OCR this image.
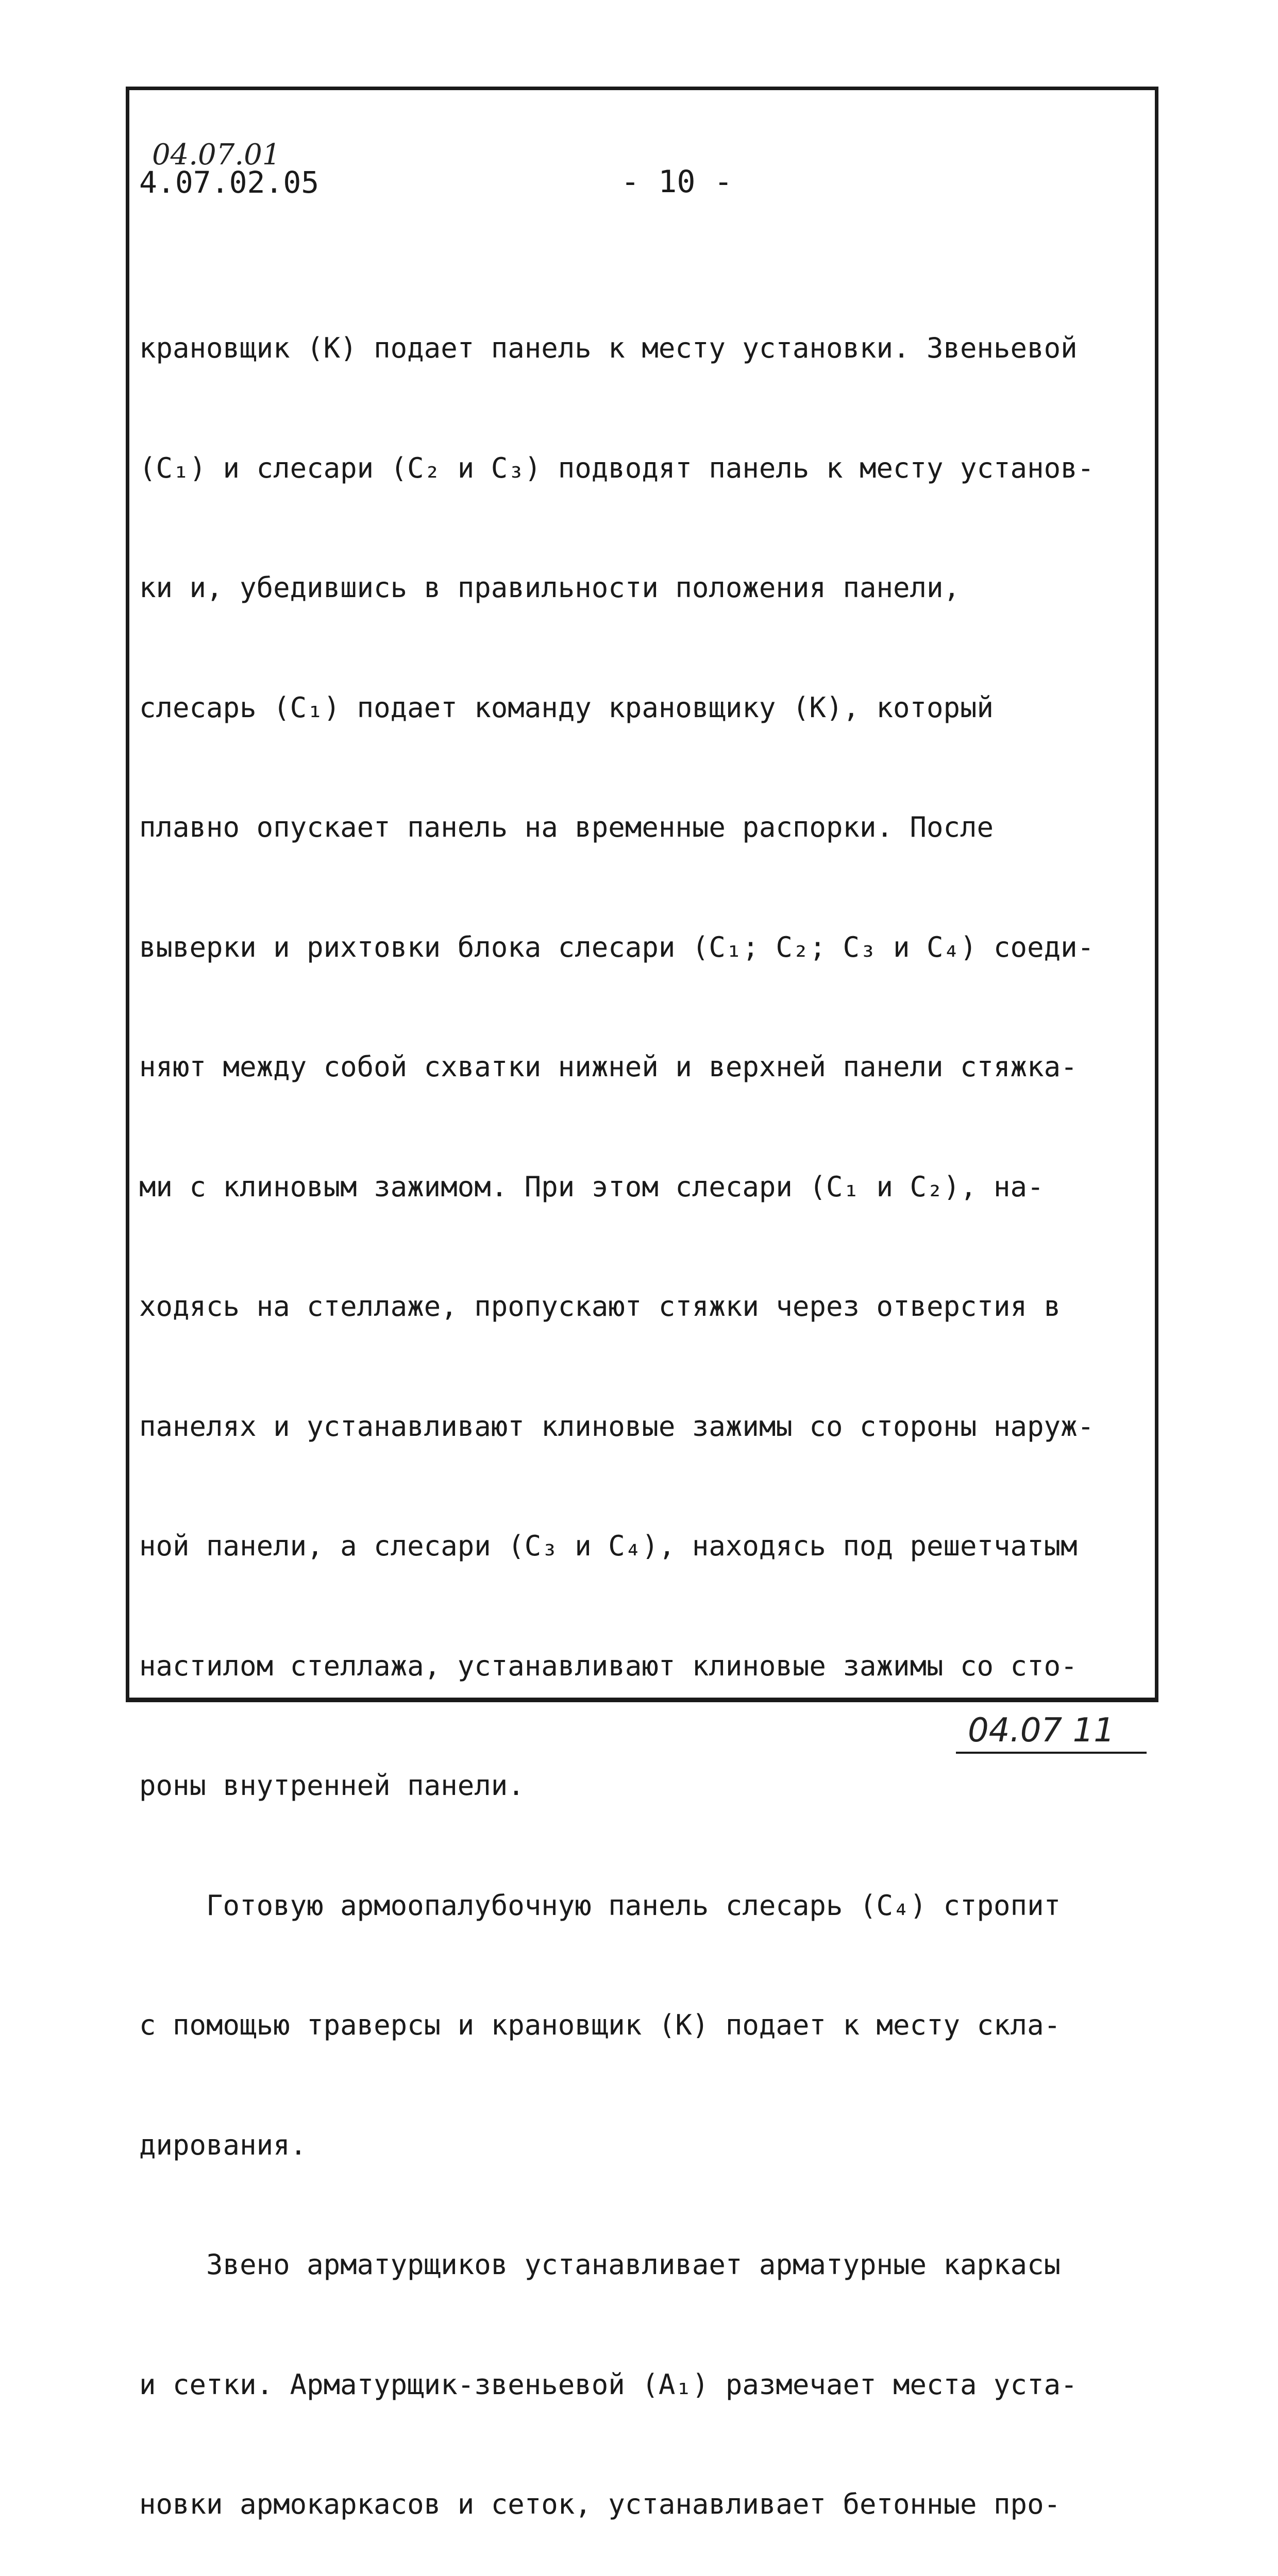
04.07.01
4.07.02.05	- 10 -

крановщик (К) подает панель к месту установки. Звеньевой

(C₁) и слесари (C₂ и C₃) подводят панель к месту установ-

ки и, убедившись в правильности положения панели,

слесарь (C₁) подает команду крановщику (К), который

плавно опускает панель на временные распорки. После

выверки и рихтовки блока слесари (C₁; C₂; C₃ и C₄) соеди-

няют между собой схватки нижней и верхней панели стяжка-

ми с клиновым зажимом. При этом слесари (C₁ и C₂), на-

ходясь на стеллаже, пропускают стяжки через отверстия в

панелях и устанавливают клиновые зажимы со стороны наруж-

ной панели, а слесари (C₃ и C₄), находясь под решетчатым

настилом стеллажа, устанавливают клиновые зажимы со сто-

роны внутренней панели.

Готовую армоопалубочную панель слесарь (C₄) стропит

с помощью траверсы и крановщик (К) подает к месту скла-

дирования.

Звено арматурщиков устанавливает арматурные каркасы

и сетки. Арматурщик-звеньевой (A₁) размечает места уста-

новки армокаркасов и сеток, устанавливает бетонные про-

04.07 11
